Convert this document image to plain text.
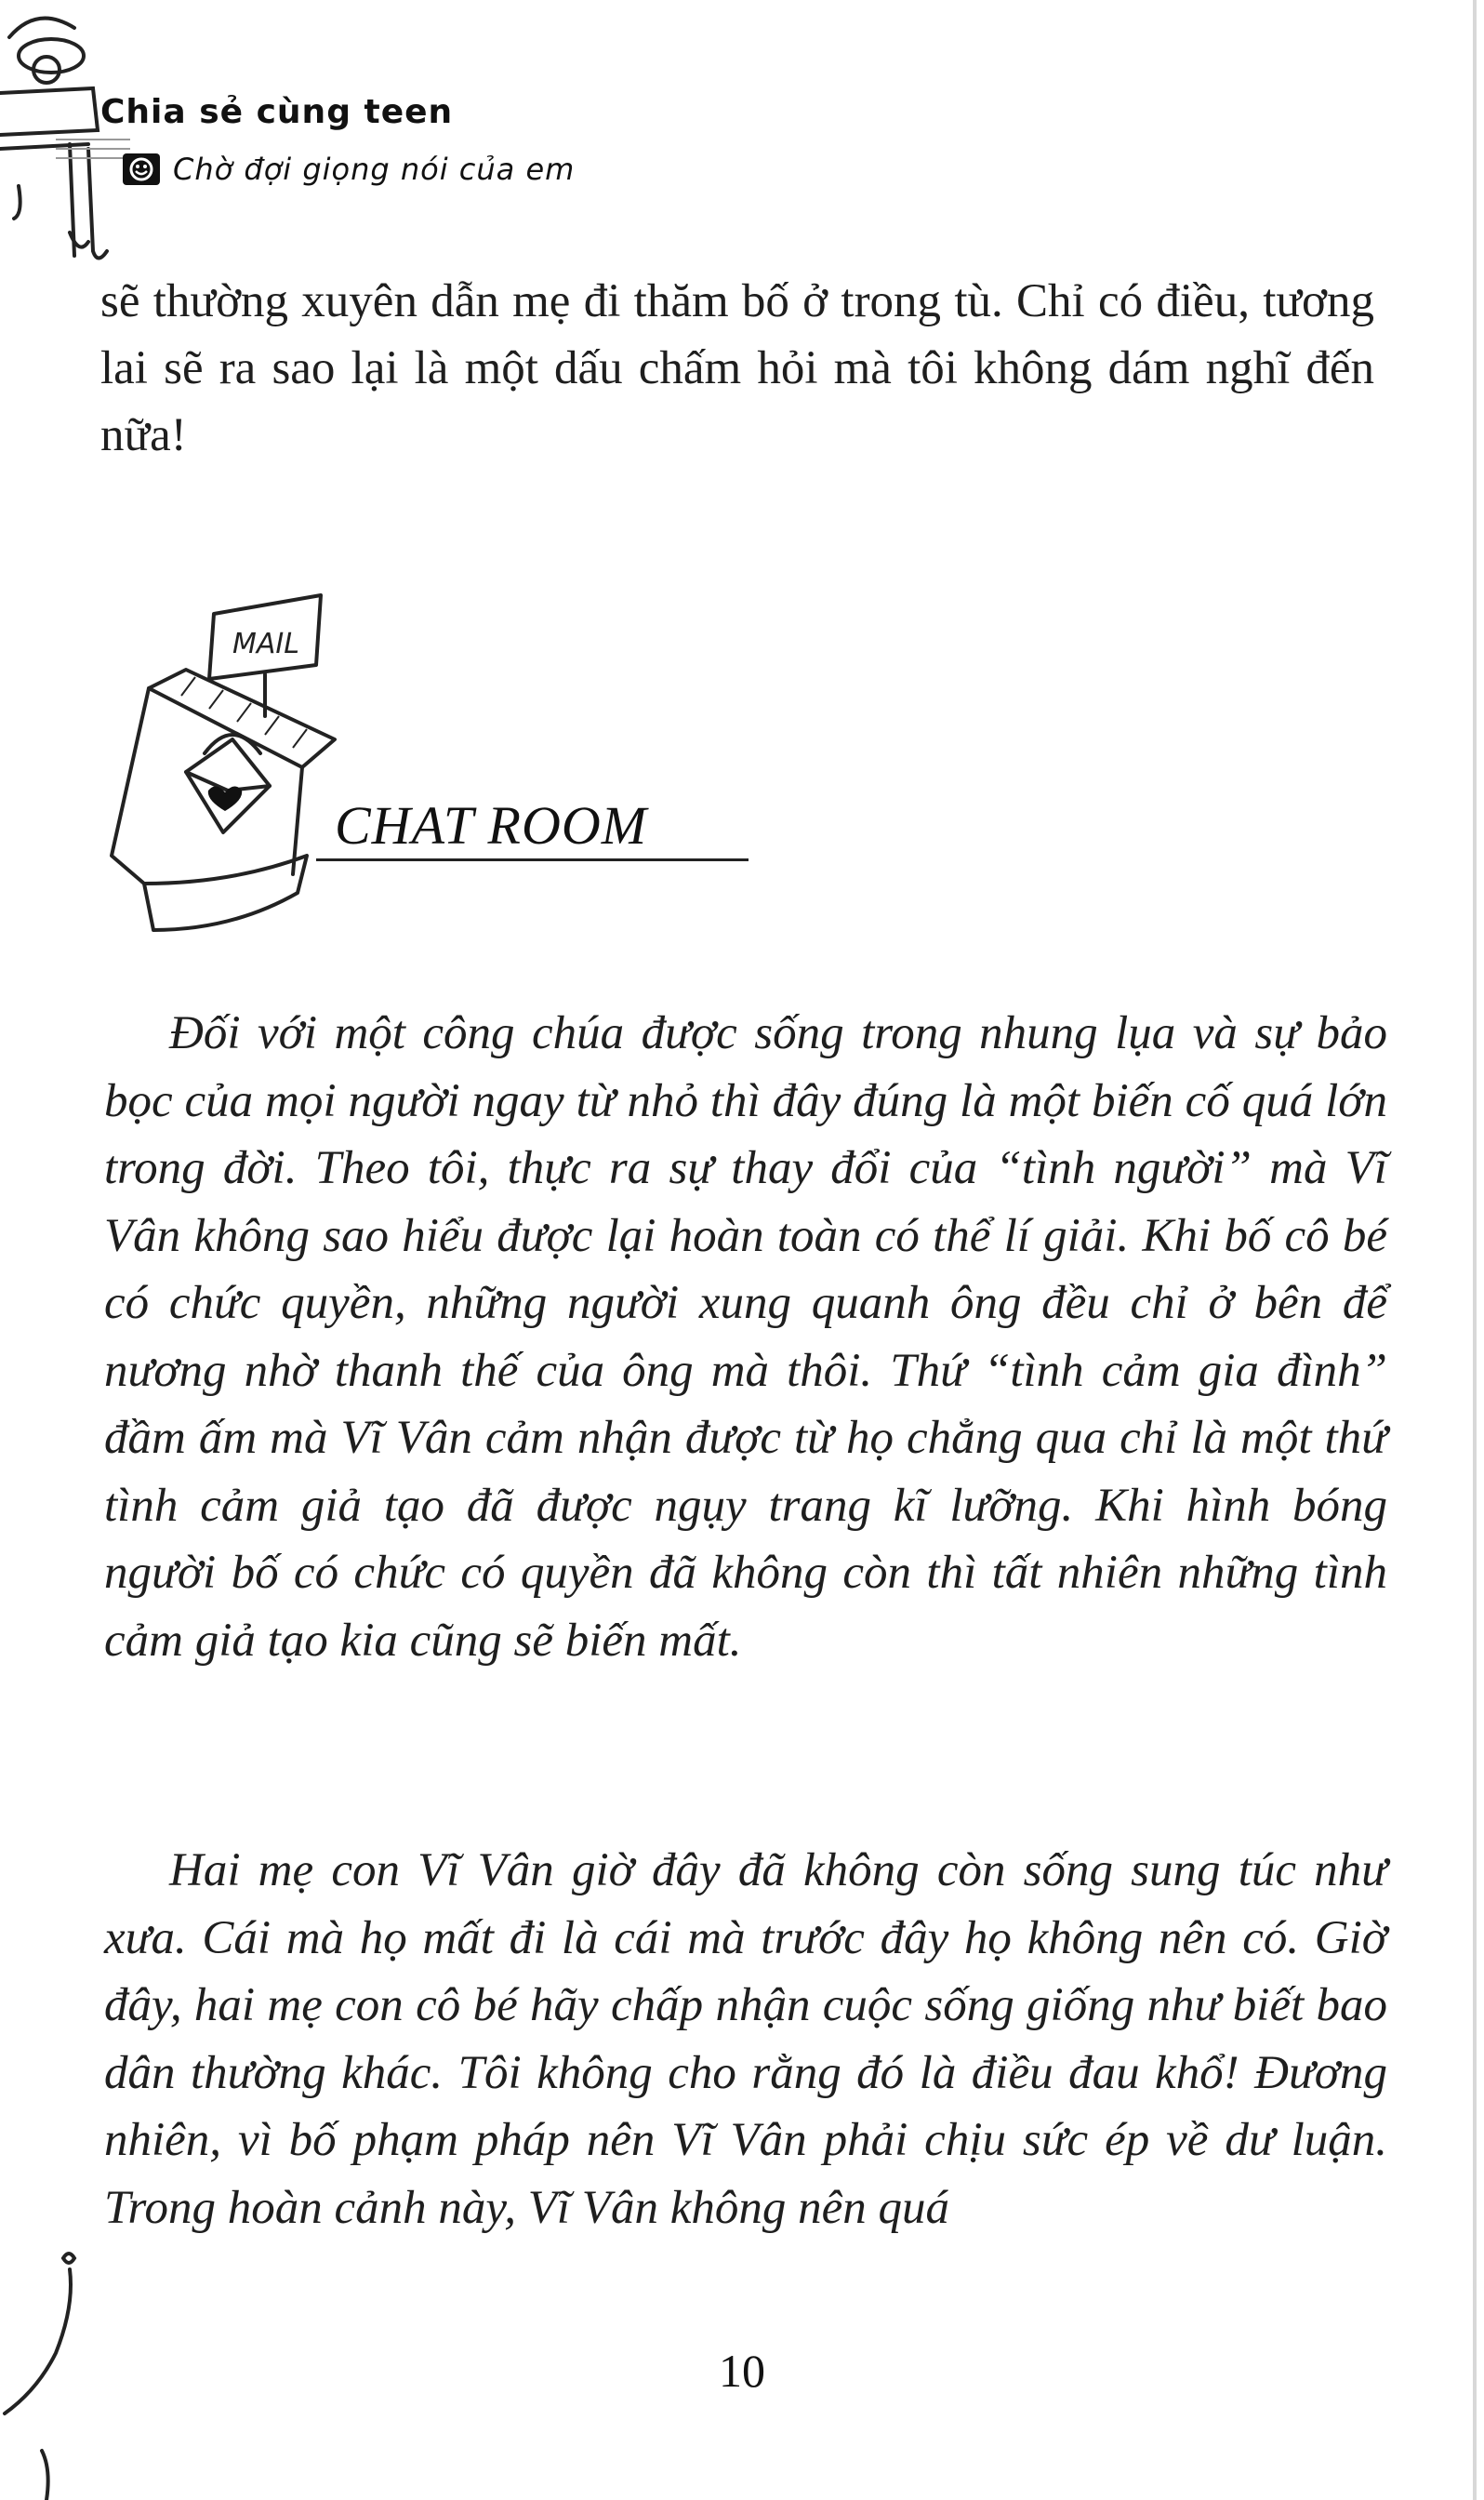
Chia sẻ cùng teen
Chờ đợi giọng nói của em
sẽ thường xuyên dẫn mẹ đi thăm bố ở trong tù. Chỉ có điều, tương lai sẽ ra sao lại là một dấu chấm hỏi mà tôi không dám nghĩ đến nữa!
MAIL
CHAT ROOM
Đối với một công chúa được sống trong nhung lụa và sự bảo bọc của mọi người ngay từ nhỏ thì đây đúng là một biến cố quá lớn trong đời. Theo tôi, thực ra sự thay đổi của “tình người” mà Vĩ Vân không sao hiểu được lại hoàn toàn có thể lí giải. Khi bố cô bé có chức quyền, những người xung quanh ông đều chỉ ở bên để nương nhờ thanh thế của ông mà thôi. Thứ “tình cảm gia đình” đầm ấm mà Vĩ Vân cảm nhận được từ họ chẳng qua chỉ là một thứ tình cảm giả tạo đã được ngụy trang kĩ lưỡng. Khi hình bóng người bố có chức có quyền đã không còn thì tất nhiên những tình cảm giả tạo kia cũng sẽ biến mất.
Hai mẹ con Vĩ Vân giờ đây đã không còn sống sung túc như xưa. Cái mà họ mất đi là cái mà trước đây họ không nên có. Giờ đây, hai mẹ con cô bé hãy chấp nhận cuộc sống giống như biết bao dân thường khác. Tôi không cho rằng đó là điều đau khổ! Đương nhiên, vì bố phạm pháp nên Vĩ Vân phải chịu sức ép về dư luận. Trong hoàn cảnh này, Vĩ Vân không nên quá
10
